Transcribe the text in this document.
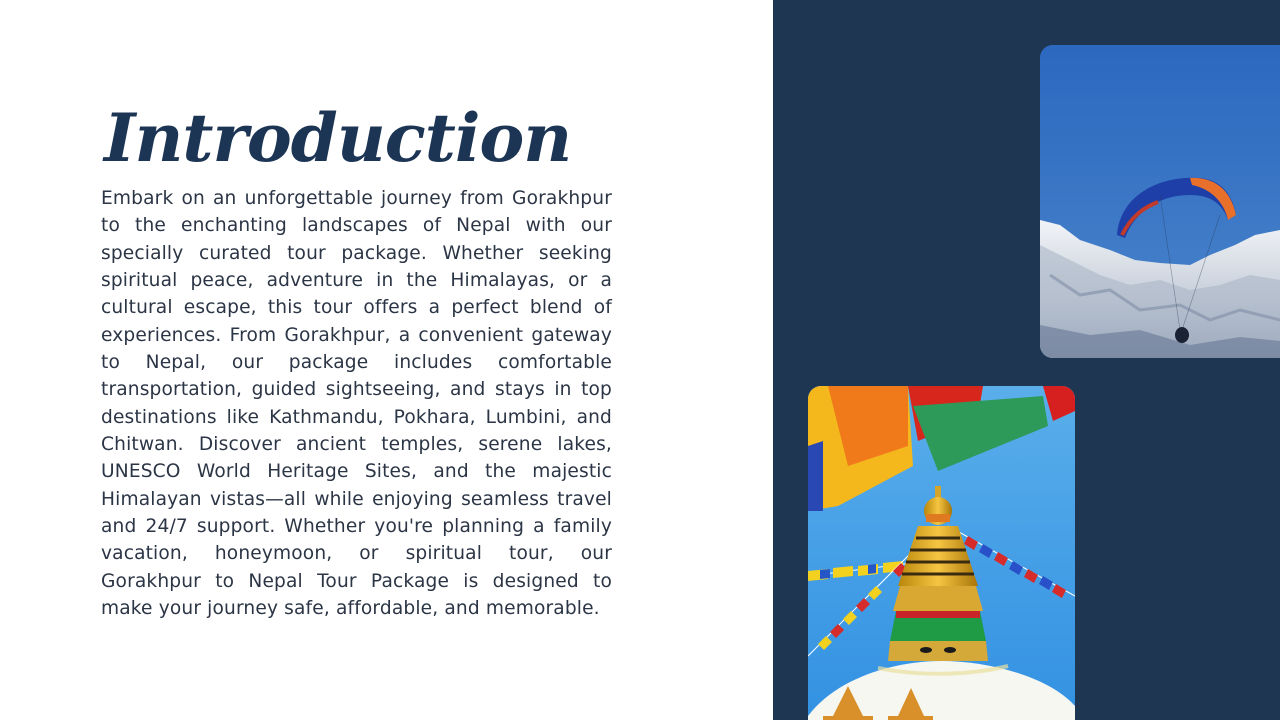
Introduction

Embark on an unforgettable journey from Gorakhpur to the enchanting landscapes of Nepal with our specially curated tour package. Whether seeking spiritual peace, adventure in the Himalayas, or a cultural escape, this tour offers a perfect blend of experiences. From Gorakhpur, a convenient gateway to Nepal, our package includes comfortable transportation, guided sightseeing, and stays in top destinations like Kathmandu, Pokhara, Lumbini, and Chitwan. Discover ancient temples, serene lakes, UNESCO World Heritage Sites, and the majestic Himalayan vistas—all while enjoying seamless travel and 24/7 support. Whether you're planning a family vacation, honeymoon, or spiritual tour, our Gorakhpur to Nepal Tour Package is designed to make your journey safe, affordable, and memorable.
